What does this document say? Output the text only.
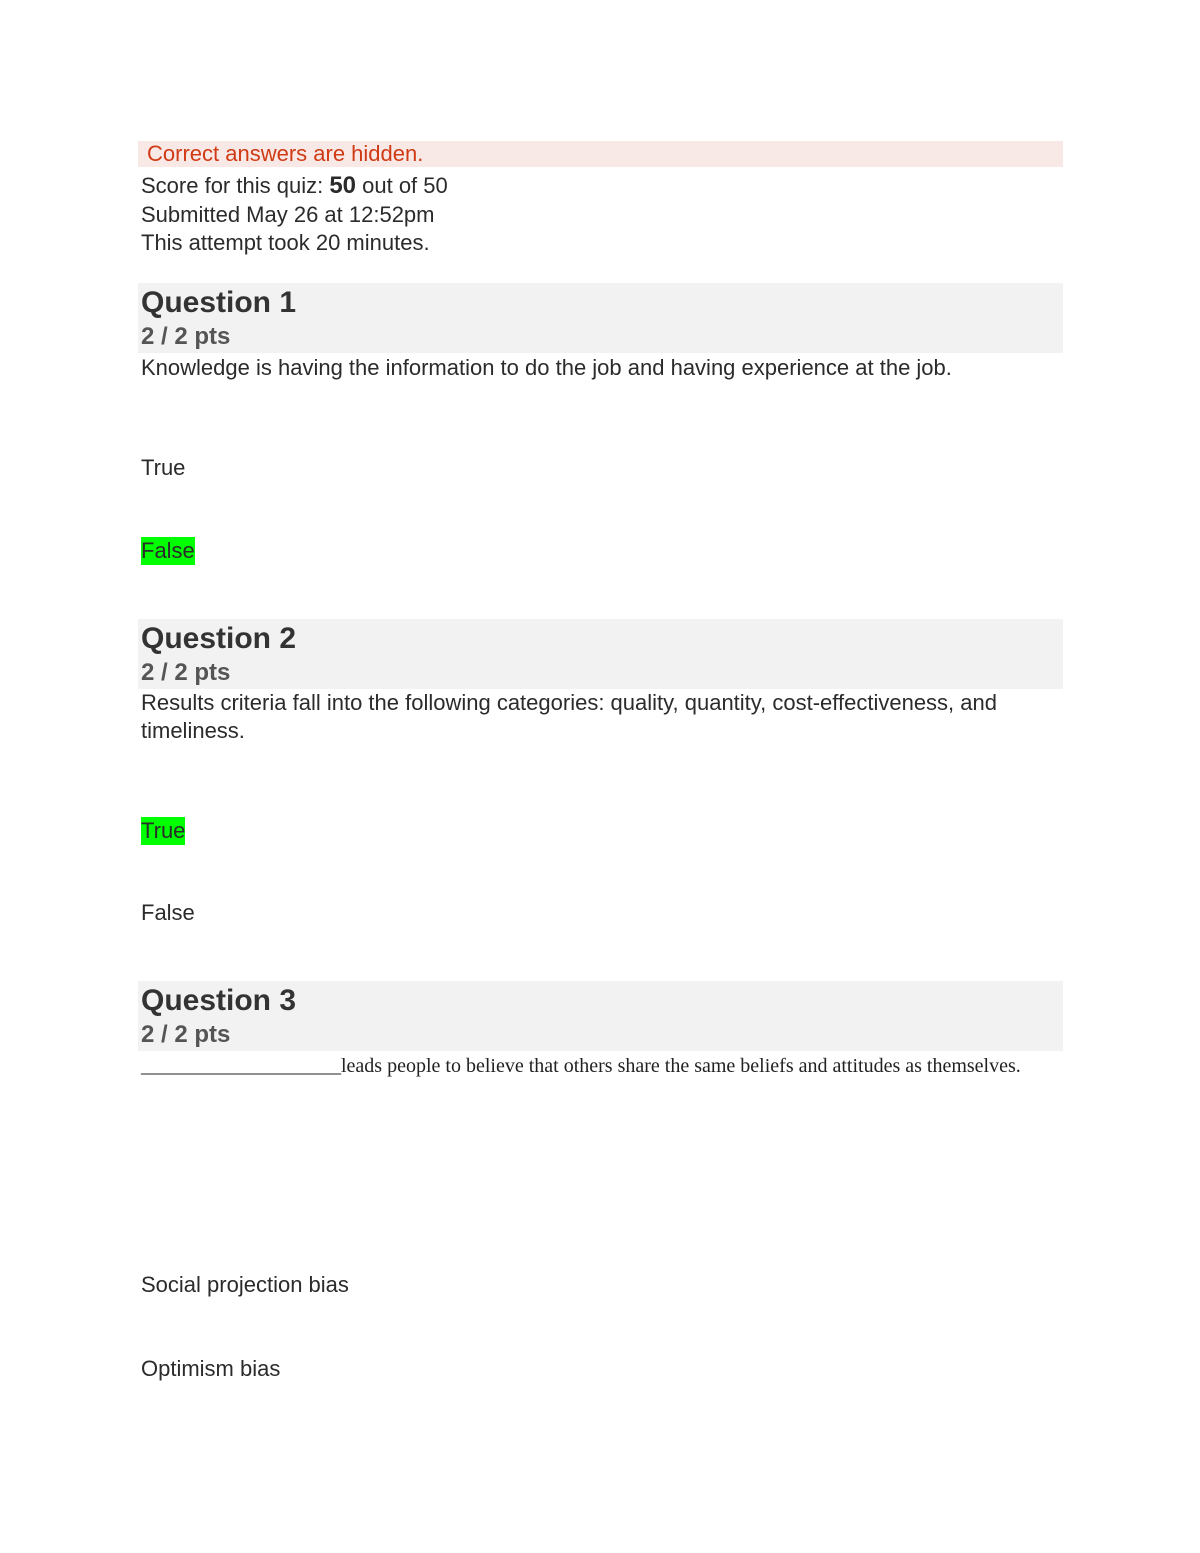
Correct answers are hidden.
Score for this quiz: 50 out of 50
Submitted May 26 at 12:52pm
This attempt took 20 minutes.
Question 1
2 / 2 pts
Knowledge is having the information to do the job and having experience at the job.
True
False
Question 2
2 / 2 pts
Results criteria fall into the following categories: quality, quantity, cost-effectiveness, and timeliness.
True
False
Question 3
2 / 2 pts
____________________leads people to believe that others share the same beliefs and attitudes as themselves.
Social projection bias
Optimism bias
